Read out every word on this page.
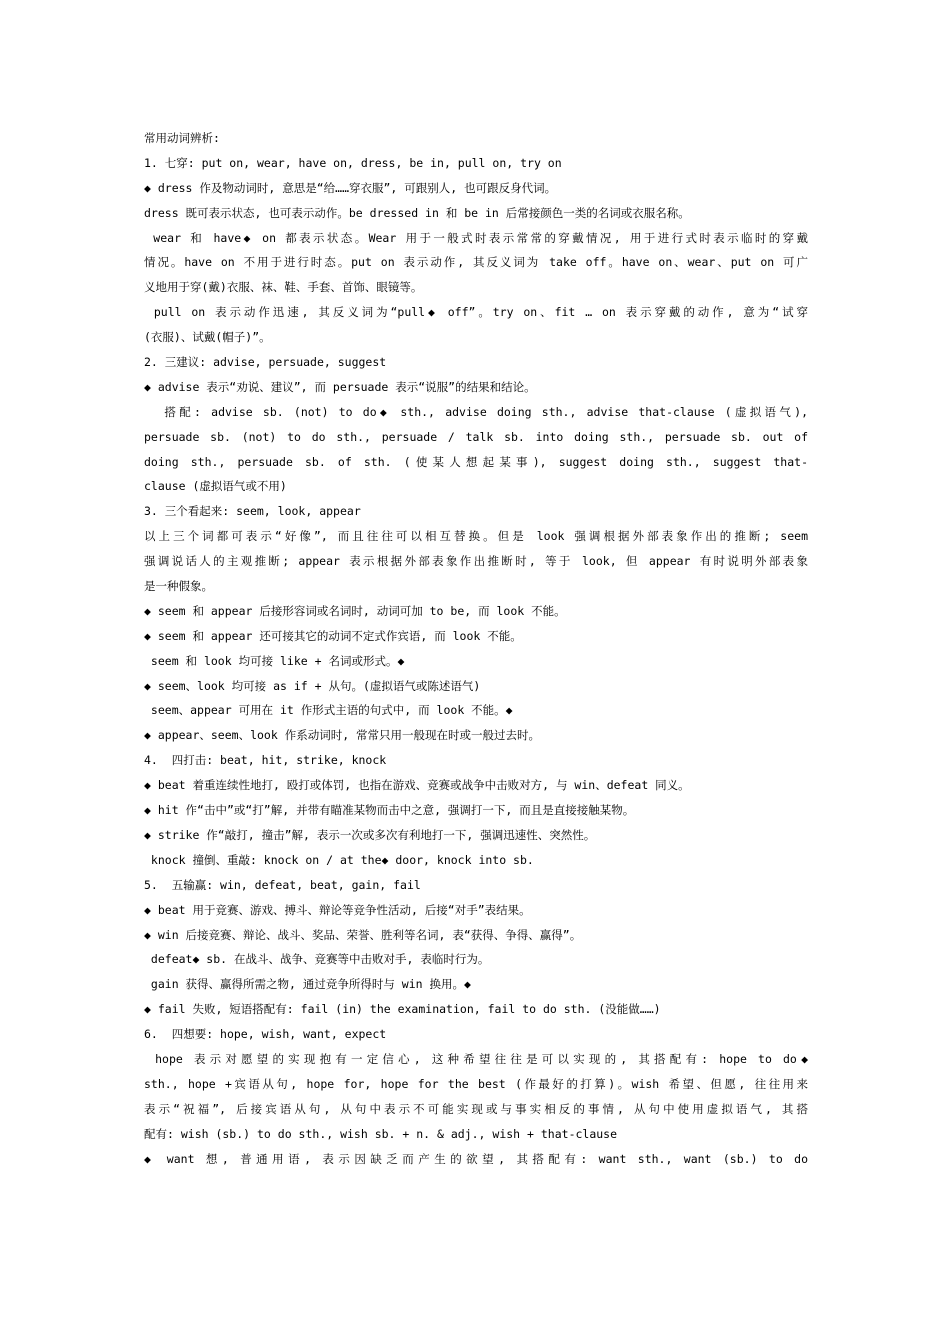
常用动词辨析:
1. 七穿: put on, wear, have on, dress, be in, pull on, try on
◆ dress 作及物动词时, 意思是“给……穿衣服”, 可跟别人, 也可跟反身代词。
dress 既可表示状态, 也可表示动作。be dressed in 和 be in 后常接颜色一类的名词或衣服名称。
wear 和 have◆ on 都表示状态。Wear 用于一般式时表示常常的穿戴情况, 用于进行式时表示临时的穿戴
情况。have on 不用于进行时态。put on 表示动作, 其反义词为 take off。have on、wear、put on 可广
义地用于穿(戴)衣服、袜、鞋、手套、首饰、眼镜等。
pull on 表示动作迅速, 其反义词为“pull◆ off”。try on、fit … on 表示穿戴的动作, 意为“试穿
(衣服)、试戴(帽子)”。
2. 三建议: advise, persuade, suggest
◆ advise 表示“劝说、建议”, 而 persuade 表示“说服”的结果和结论。
搭配: advise sb. (not) to do◆ sth., advise doing sth., advise that-clause (虚拟语气),
persuade sb. (not) to do sth., persuade / talk sb. into doing sth., persuade sb. out of
doing sth., persuade sb. of sth. (使某人想起某事), suggest doing sth., suggest that-
clause (虚拟语气或不用)
3. 三个看起来: seem, look, appear
以上三个词都可表示“好像”, 而且往往可以相互替换。但是 look 强调根据外部表象作出的推断; seem
强调说话人的主观推断; appear 表示根据外部表象作出推断时, 等于 look, 但 appear 有时说明外部表象
是一种假象。
◆ seem 和 appear 后接形容词或名词时, 动词可加 to be, 而 look 不能。
◆ seem 和 appear 还可接其它的动词不定式作宾语, 而 look 不能。
seem 和 look 均可接 like + 名词或形式。◆
◆ seem、look 均可接 as if + 从句。(虚拟语气或陈述语气)
seem、appear 可用在 it 作形式主语的句式中, 而 look 不能。◆
◆ appear、seem、look 作系动词时, 常常只用一般现在时或一般过去时。
4.  四打击: beat, hit, strike, knock
◆ beat 着重连续性地打, 殴打或体罚, 也指在游戏、竞赛或战争中击败对方, 与 win、defeat 同义。
◆ hit 作“击中”或“打”解, 并带有瞄准某物而击中之意, 强调打一下, 而且是直接接触某物。
◆ strike 作“敲打, 撞击”解, 表示一次或多次有利地打一下, 强调迅速性、突然性。
knock 撞倒、重敲: knock on / at the◆ door, knock into sb.
5.  五输赢: win, defeat, beat, gain, fail
◆ beat 用于竞赛、游戏、搏斗、辩论等竞争性活动, 后接“对手”表结果。
◆ win 后接竞赛、辩论、战斗、奖品、荣誉、胜利等名词, 表“获得、争得、赢得”。
defeat◆ sb. 在战斗、战争、竞赛等中击败对手, 表临时行为。
gain 获得、赢得所需之物, 通过竞争所得时与 win 换用。◆
◆ fail 失败, 短语搭配有: fail (in) the examination, fail to do sth. (没能做……)
6.  四想要: hope, wish, want, expect
hope 表示对愿望的实现抱有一定信心, 这种希望往往是可以实现的, 其搭配有: hope to do◆
sth., hope +宾语从句, hope for, hope for the best (作最好的打算)。wish 希望、但愿, 往往用来
表示“祝福”, 后接宾语从句, 从句中表示不可能实现或与事实相反的事情, 从句中使用虚拟语气, 其搭
配有: wish (sb.) to do sth., wish sb. + n. & adj., wish + that-clause
◆ want 想, 普通用语, 表示因缺乏而产生的欲望, 其搭配有: want sth., want (sb.) to do
